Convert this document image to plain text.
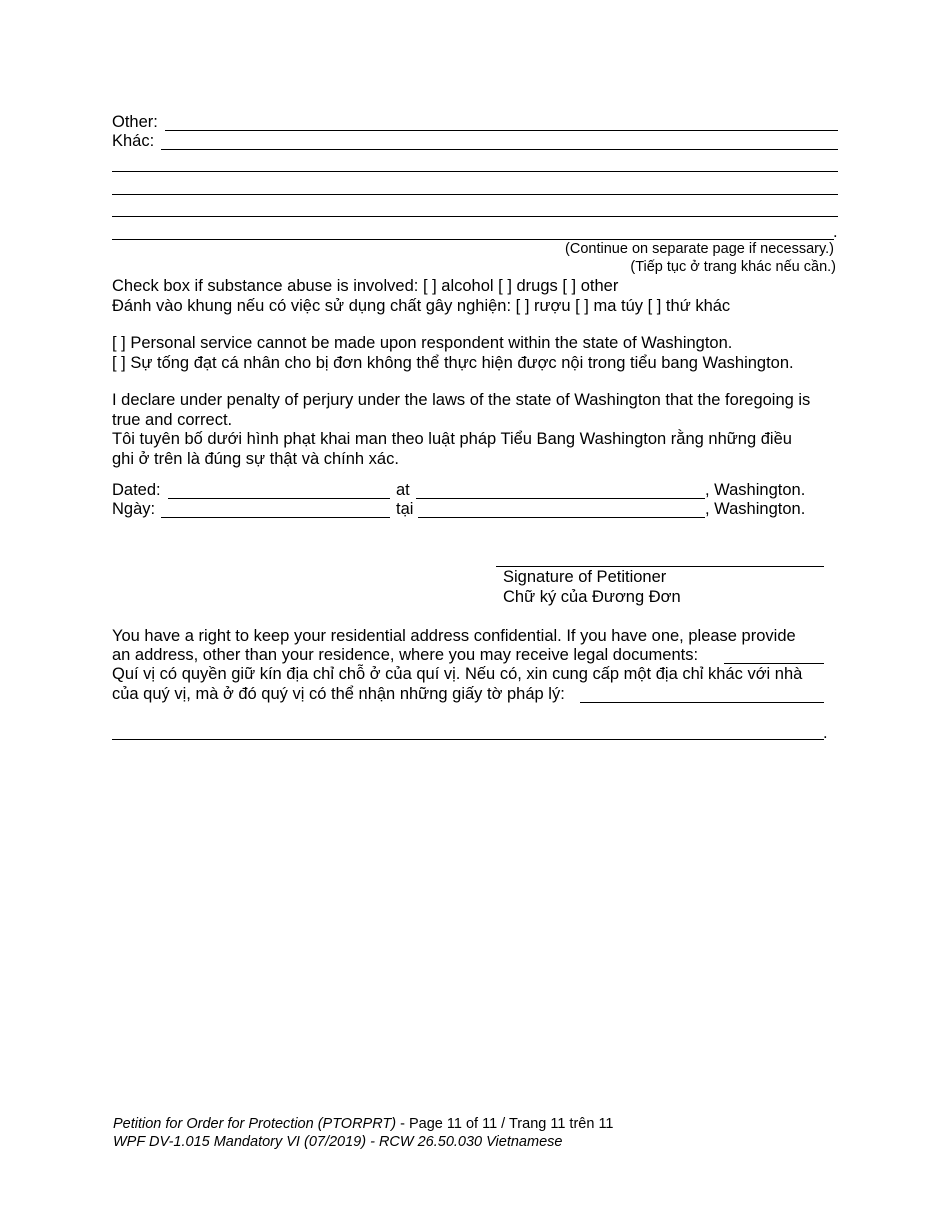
Other:
Khác:
.
(Continue on separate page if necessary.)
(Tiếp tục ở trang khác nếu cần.)
Check box if substance abuse is involved: [ ] alcohol [ ] drugs [ ] other
Đánh vào khung nếu có việc sử dụng chất gây nghiện: [ ] rượu [ ] ma túy [ ] thứ khác
[ ] Personal service cannot be made upon respondent within the state of Washington.
[ ] Sự tống đạt cá nhân cho bị đơn không thể thực hiện được nội trong tiểu bang Washington.
I declare under penalty of perjury under the laws of the state of Washington that the foregoing is
true and correct.
Tôi tuyên bố dưới hình phạt khai man theo luật pháp Tiểu Bang Washington rằng những điều
ghi ở trên là đúng sự thật và chính xác.
Dated:	at	, Washington.
Ngày:	tại	, Washington.
Signature of Petitioner
Chữ ký của Đương Đơn
You have a right to keep your residential address confidential. If you have one, please provide
an address, other than your residence, where you may receive legal documents:
Quí vị có quyền giữ kín địa chỉ chỗ ở của quí vị. Nếu có, xin cung cấp một địa chỉ khác với nhà
của quý vị, mà ở đó quý vị có thể nhận những giấy tờ pháp lý:
.
Petition for Order for Protection (PTORPRT) - Page 11 of 11 / Trang 11 trên 11
WPF DV-1.015 Mandatory VI (07/2019) - RCW 26.50.030 Vietnamese
